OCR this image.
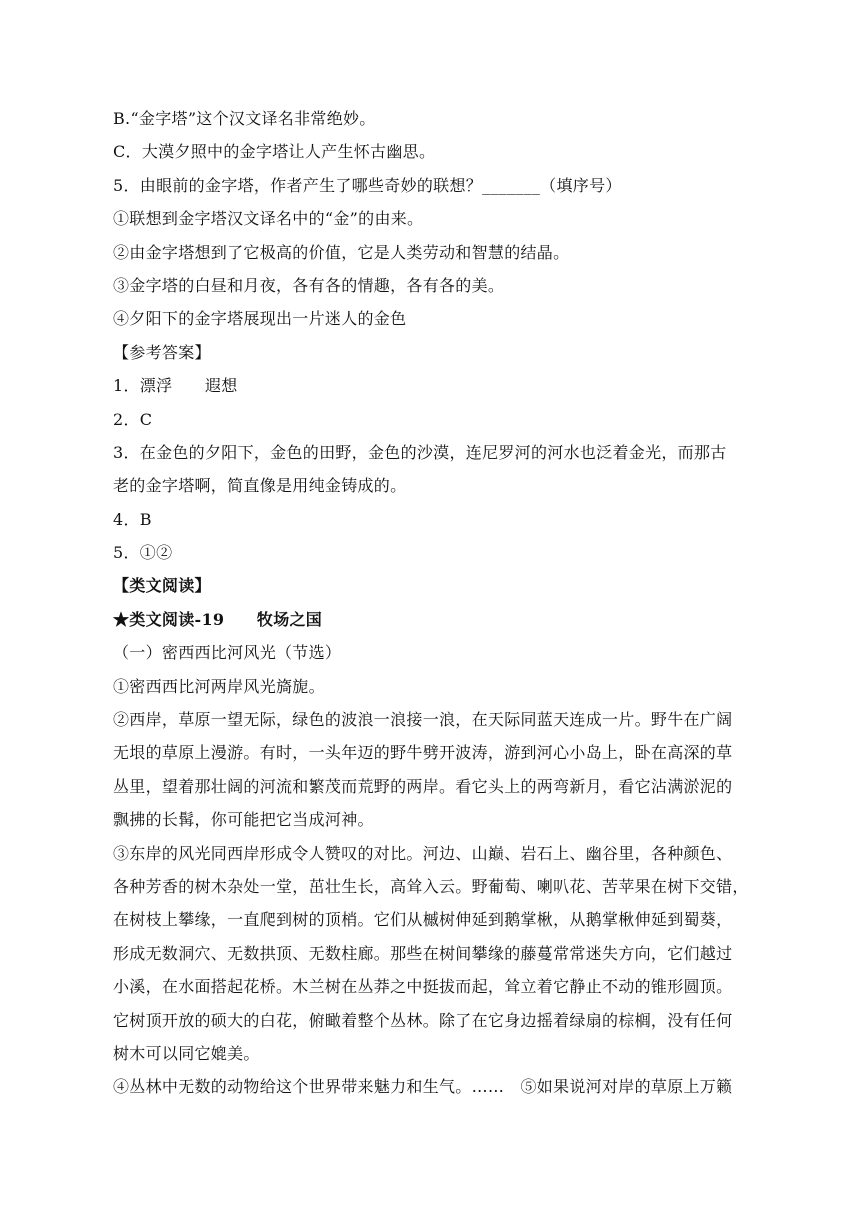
B.“金字塔”这个汉文译名非常绝妙。
C．大漠夕照中的金字塔让人产生怀古幽思。
5．由眼前的金字塔，作者产生了哪些奇妙的联想？_______（填序号）
①联想到金字塔汉文译名中的“金”的由来。
②由金字塔想到了它极高的价值，它是人类劳动和智慧的结晶。
③金字塔的白昼和月夜，各有各的情趣，各有各的美。
④夕阳下的金字塔展现出一片迷人的金色
【参考答案】
1．漂浮　　遐想
2．C
3．在金色的夕阳下，金色的田野，金色的沙漠，连尼罗河的河水也泛着金光，而那古
老的金字塔啊，简直像是用纯金铸成的。
4．B
5．①②
【类文阅读】
★类文阅读-19　　牧场之国
（一）密西西比河风光（节选）
①密西西比河两岸风光旖旎。
②西岸，草原一望无际，绿色的波浪一浪接一浪，在天际同蓝天连成一片。野牛在广阔
无垠的草原上漫游。有时，一头年迈的野牛劈开波涛，游到河心小岛上，卧在高深的草
丛里，望着那壮阔的河流和繁茂而荒野的两岸。看它头上的两弯新月，看它沾满淤泥的
飘拂的长髯，你可能把它当成河神。
③东岸的风光同西岸形成令人赞叹的对比。河边、山巅、岩石上、幽谷里，各种颜色、
各种芳香的树木杂处一堂，茁壮生长，高耸入云。野葡萄、喇叭花、苦苹果在树下交错，
在树枝上攀缘，一直爬到树的顶梢。它们从槭树伸延到鹅掌楸，从鹅掌楸伸延到蜀葵，
形成无数洞穴、无数拱顶、无数柱廊。那些在树间攀缘的藤蔓常常迷失方向，它们越过
小溪，在水面搭起花桥。木兰树在丛莽之中挺拔而起，耸立着它静止不动的锥形圆顶。
它树顶开放的硕大的白花，俯瞰着整个丛林。除了在它身边摇着绿扇的棕榈，没有任何
树木可以同它媲美。
④丛林中无数的动物给这个世界带来魅力和生气。……　⑤如果说河对岸的草原上万籁
